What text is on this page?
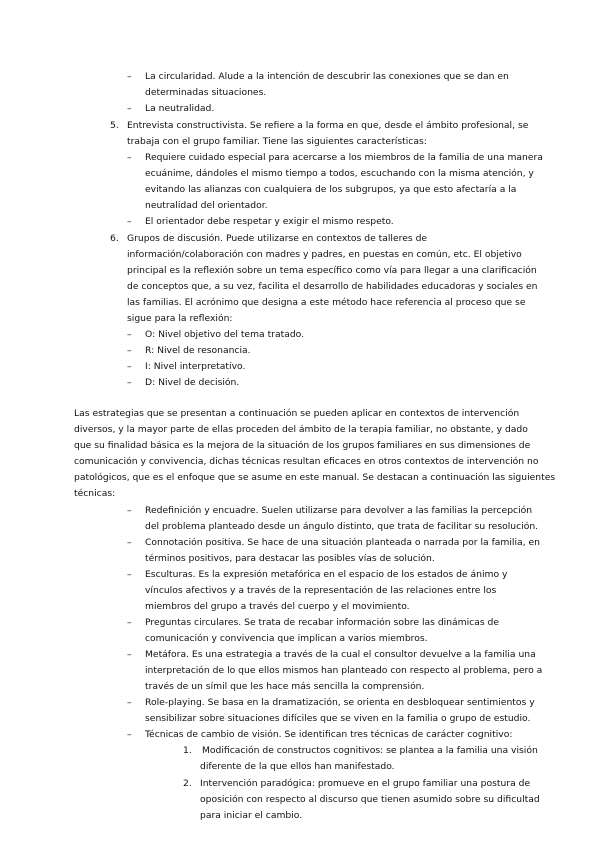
– La circularidad. Alude a la intención de descubrir las conexiones que se dan en
determinadas situaciones.
– La neutralidad.
5. Entrevista constructivista. Se refiere a la forma en que, desde el ámbito profesional, se
trabaja con el grupo familiar. Tiene las siguientes características:
– Requiere cuidado especial para acercarse a los miembros de la familia de una manera
ecuánime, dándoles el mismo tiempo a todos, escuchando con la misma atención, y
evitando las alianzas con cualquiera de los subgrupos, ya que esto afectaría a la
neutralidad del orientador.
– El orientador debe respetar y exigir el mismo respeto.
6. Grupos de discusión. Puede utilizarse en contextos de talleres de
información/colaboración con madres y padres, en puestas en común, etc. El objetivo
principal es la reflexión sobre un tema específico como vía para llegar a una clarificación
de conceptos que, a su vez, facilita el desarrollo de habilidades educadoras y sociales en
las familias. El acrónimo que designa a este método hace referencia al proceso que se
sigue para la reflexión:
– O: Nivel objetivo del tema tratado.
– R: Nivel de resonancia.
– I: Nivel interpretativo.
– D: Nivel de decisión.
Las estrategias que se presentan a continuación se pueden aplicar en contextos de intervención
diversos, y la mayor parte de ellas proceden del ámbito de la terapia familiar, no obstante, y dado
que su finalidad básica es la mejora de la situación de los grupos familiares en sus dimensiones de
comunicación y convivencia, dichas técnicas resultan eficaces en otros contextos de intervención no
patológicos, que es el enfoque que se asume en este manual. Se destacan a continuación las siguientes
técnicas:
– Redefinición y encuadre. Suelen utilizarse para devolver a las familias la percepción
del problema planteado desde un ángulo distinto, que trata de facilitar su resolución.
– Connotación positiva. Se hace de una situación planteada o narrada por la familia, en
términos positivos, para destacar las posibles vías de solución.
– Esculturas. Es la expresión metafórica en el espacio de los estados de ánimo y
vínculos afectivos y a través de la representación de las relaciones entre los
miembros del grupo a través del cuerpo y el movimiento.
– Preguntas circulares. Se trata de recabar información sobre las dinámicas de
comunicación y convivencia que implican a varios miembros.
– Metáfora. Es una estrategia a través de la cual el consultor devuelve a la familia una
interpretación de lo que ellos mismos han planteado con respecto al problema, pero a
través de un símil que les hace más sencilla la comprensión.
– Role-playing. Se basa en la dramatización, se orienta en desbloquear sentimientos y
sensibilizar sobre situaciones difíciles que se viven en la familia o grupo de estudio.
– Técnicas de cambio de visión. Se identifican tres técnicas de carácter cognitivo:
1. Modificación de constructos cognitivos: se plantea a la familia una visión
diferente de la que ellos han manifestado.
2. Intervención paradógica: promueve en el grupo familiar una postura de
oposición con respecto al discurso que tienen asumido sobre su dificultad
para iniciar el cambio.
